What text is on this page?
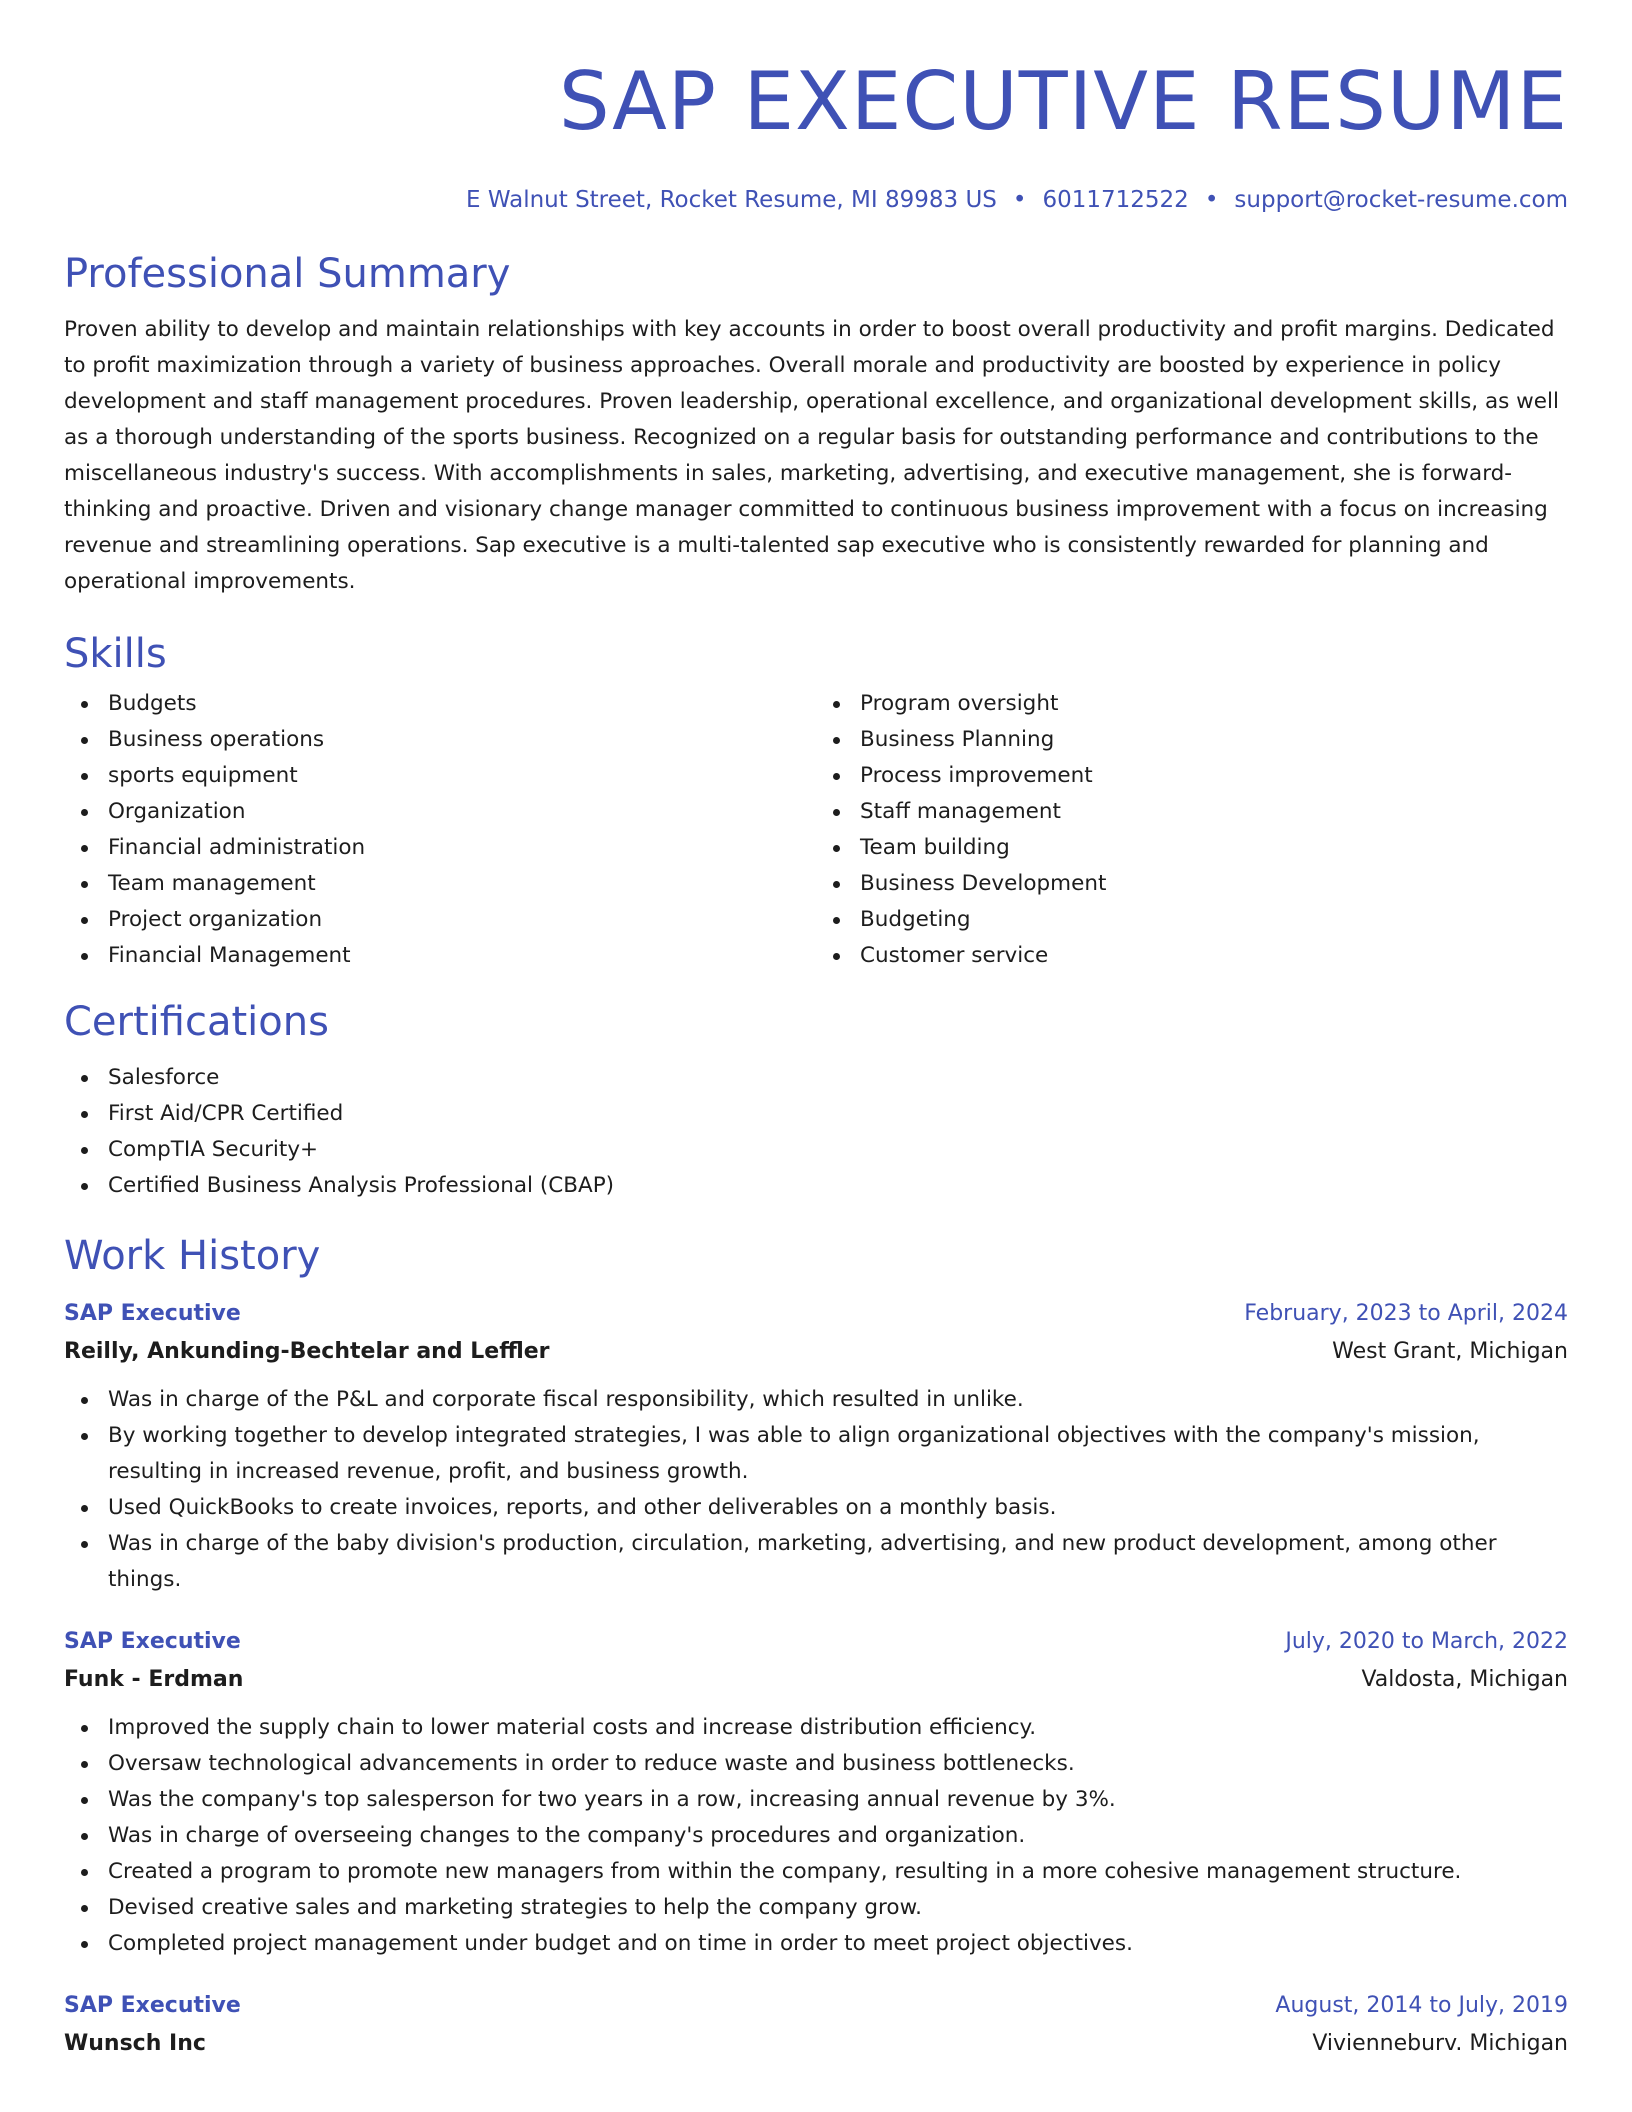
SAP EXECUTIVE RESUME
E Walnut Street, Rocket Resume, MI 89983 US • 6011712522 • support@rocket-resume.com
Professional Summary

Proven ability to develop and maintain relationships with key accounts in order to boost overall productivity and profit margins. Dedicated to profit maximization through a variety of business approaches. Overall morale and productivity are boosted by experience in policy development and staff management procedures. Proven leadership, operational excellence, and organizational development skills, as well as a thorough understanding of the sports business. Recognized on a regular basis for outstanding performance and contributions to the miscellaneous industry's success. With accomplishments in sales, marketing, advertising, and executive management, she is forward-thinking and proactive. Driven and visionary change manager committed to continuous business improvement with a focus on increasing revenue and streamlining operations. Sap executive is a multi-talented sap executive who is consistently rewarded for planning and operational improvements.

Skills
Budgets
Business operations
sports equipment
Organization
Financial administration
Team management
Project organization
Financial Management
Program oversight
Business Planning
Process improvement
Staff management
Team building
Business Development
Budgeting
Customer service
Certifications
Salesforce
First Aid/CPR Certified
CompTIA Security+
Certified Business Analysis Professional (CBAP)
Work History
SAP Executive	February, 2023 to April, 2024
Reilly, Ankunding-Bechtelar and Leffler	West Grant, Michigan
Was in charge of the P&L and corporate fiscal responsibility, which resulted in unlike.
By working together to develop integrated strategies, I was able to align organizational objectives with the company's mission, resulting in increased revenue, profit, and business growth.
Used QuickBooks to create invoices, reports, and other deliverables on a monthly basis.
Was in charge of the baby division's production, circulation, marketing, advertising, and new product development, among other things.
SAP Executive	July, 2020 to March, 2022
Funk - Erdman	Valdosta, Michigan
Improved the supply chain to lower material costs and increase distribution efficiency.
Oversaw technological advancements in order to reduce waste and business bottlenecks.
Was the company's top salesperson for two years in a row, increasing annual revenue by 3%.
Was in charge of overseeing changes to the company's procedures and organization.
Created a program to promote new managers from within the company, resulting in a more cohesive management structure.
Devised creative sales and marketing strategies to help the company grow.
Completed project management under budget and on time in order to meet project objectives.
SAP Executive	August, 2014 to July, 2019
Wunsch Inc	Vivienneburv. Michigan
